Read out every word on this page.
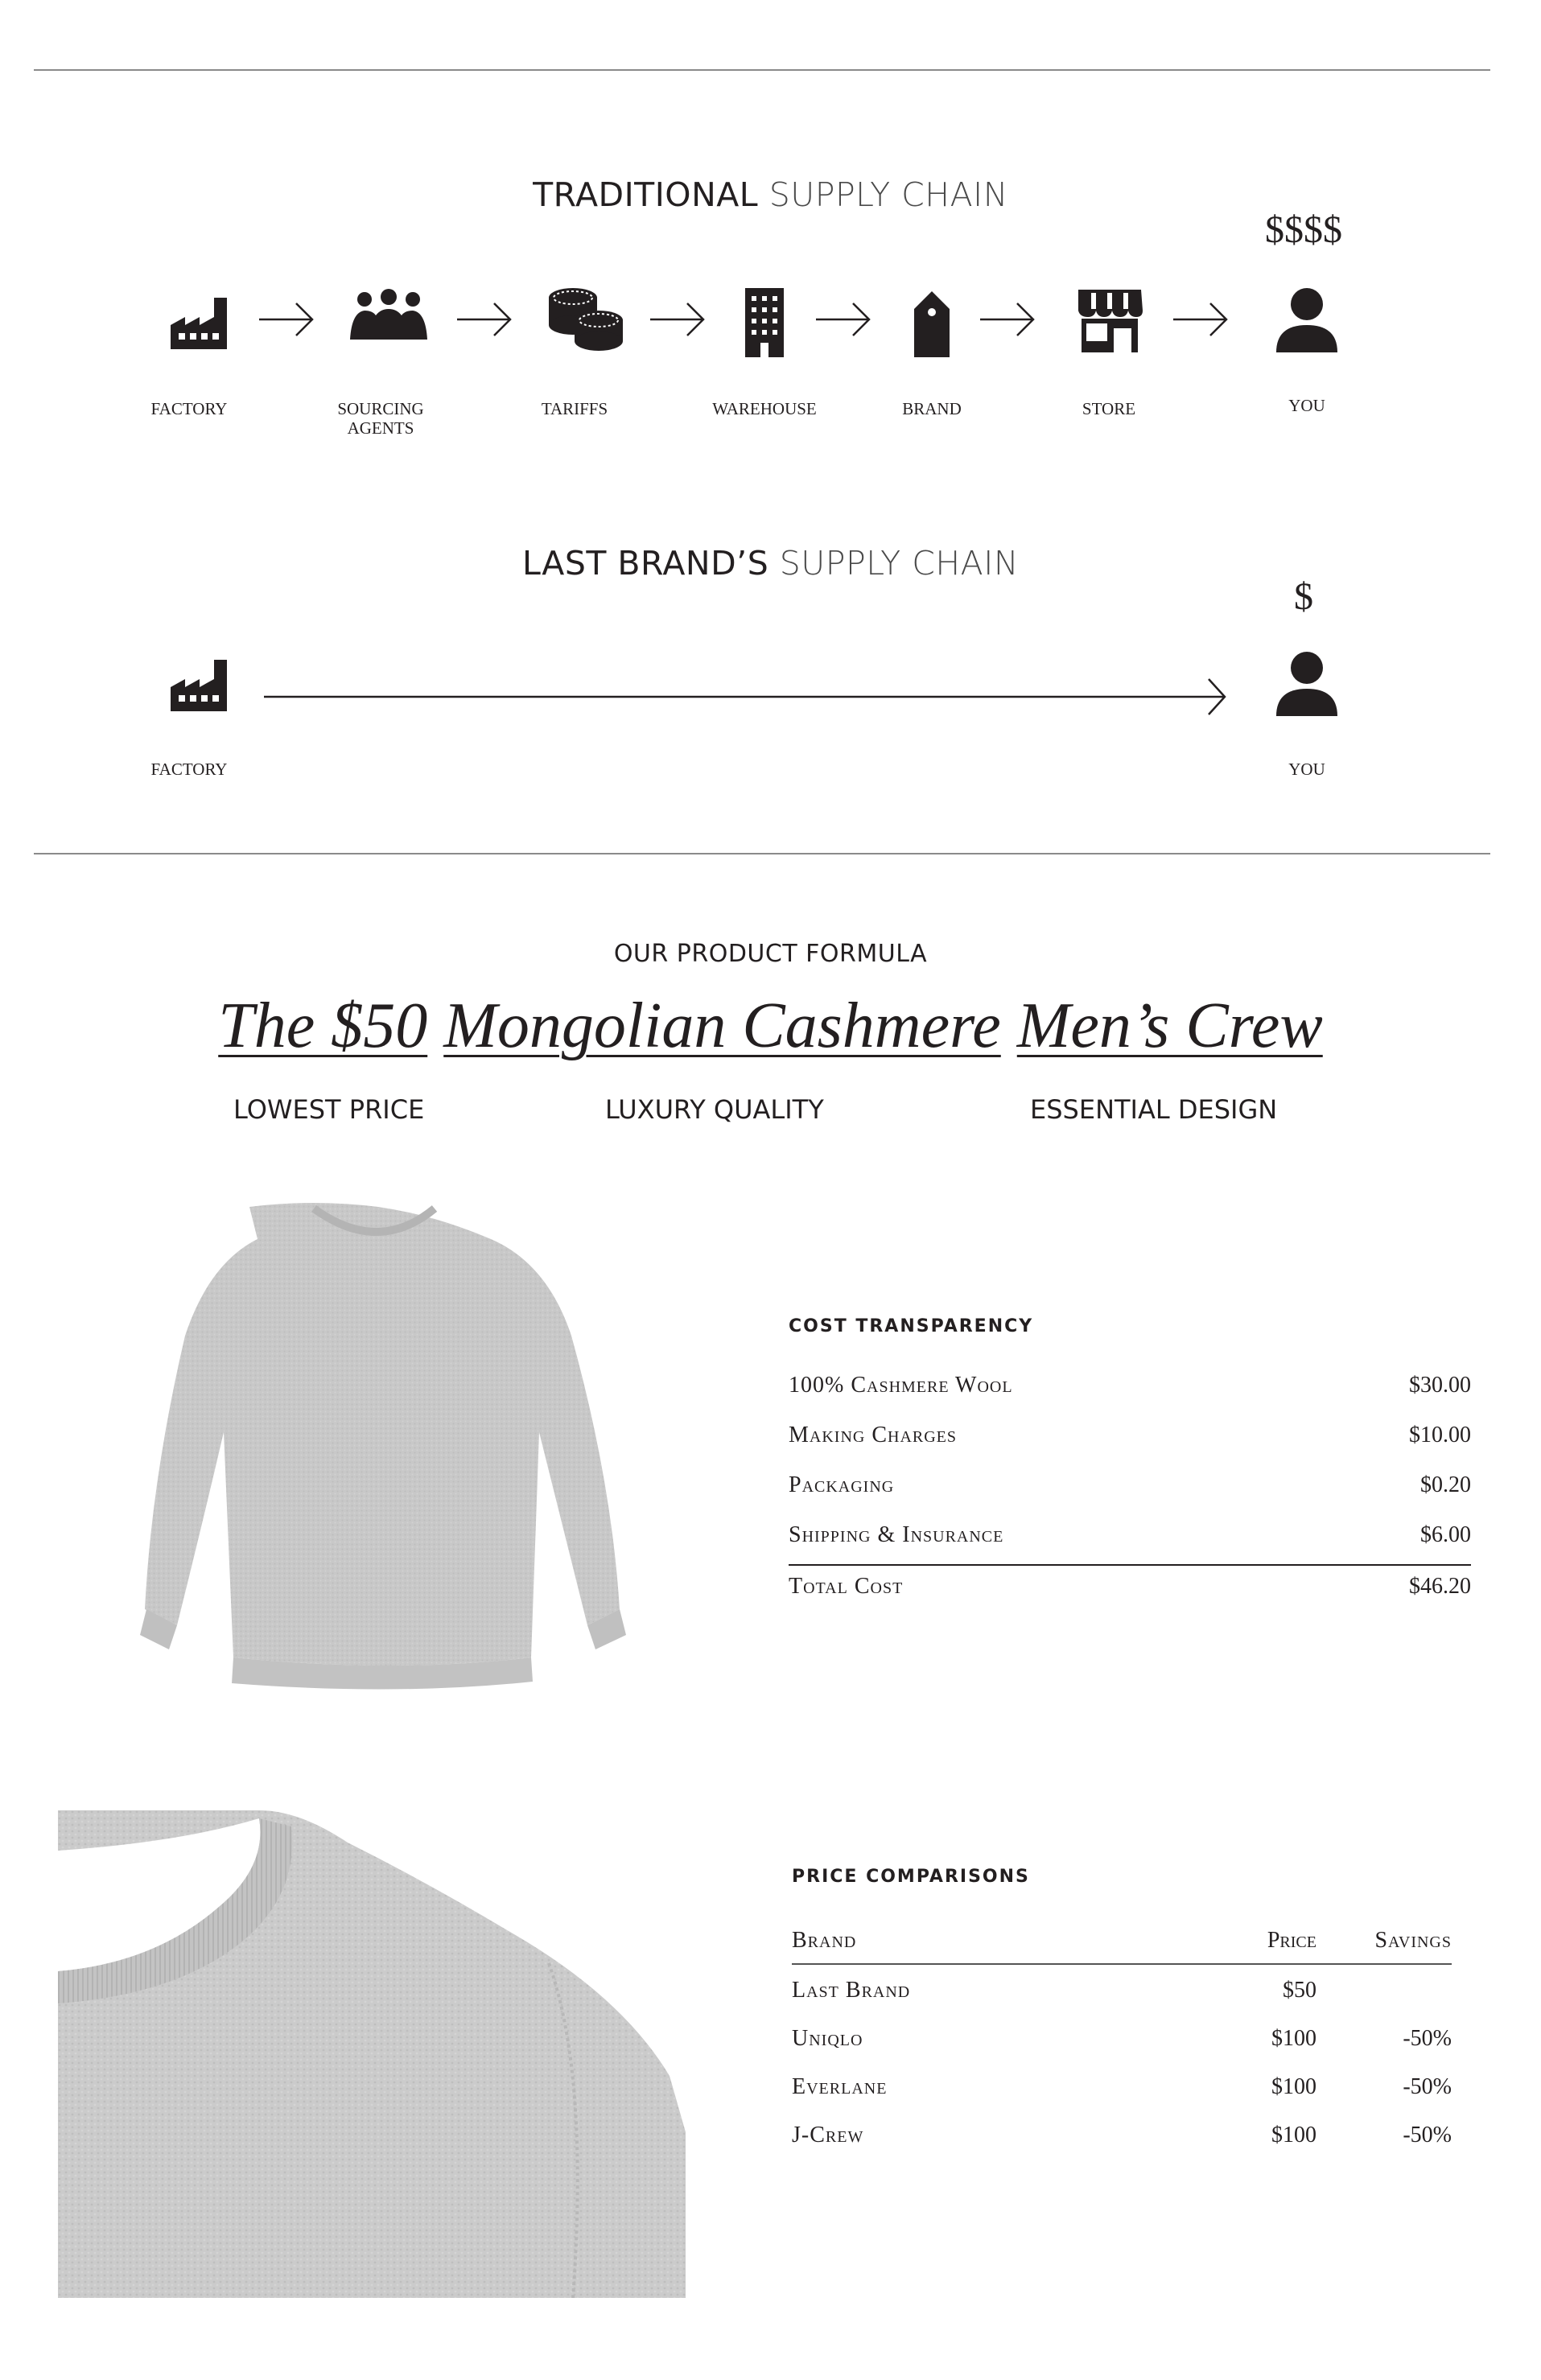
TRADITIONAL SUPPLY CHAIN
$$$$
FACTORY	SOURCING AGENTS
TARIFFS	WAREHOUSE	BRAND	STORE	YOU
LAST BRAND’S SUPPLY CHAIN
$
FACTORY	YOU
OUR PRODUCT FORMULA
The $50 Mongolian Cashmere Men’s Crew
LOWEST PRICE	LUXURY QUALITY	ESSENTIAL DESIGN
COST TRANSPARENCY
100% Cashmere Wool	$30.00
Making Charges	$10.00
Packaging	$0.20
Shipping & Insurance	$6.00
Total Cost	$46.20
PRICE COMPARISONS
Brand	Price	Savings
Last Brand	$50
Uniqlo	$100	-50%
Everlane	$100	-50%
J-Crew	$100	-50%
